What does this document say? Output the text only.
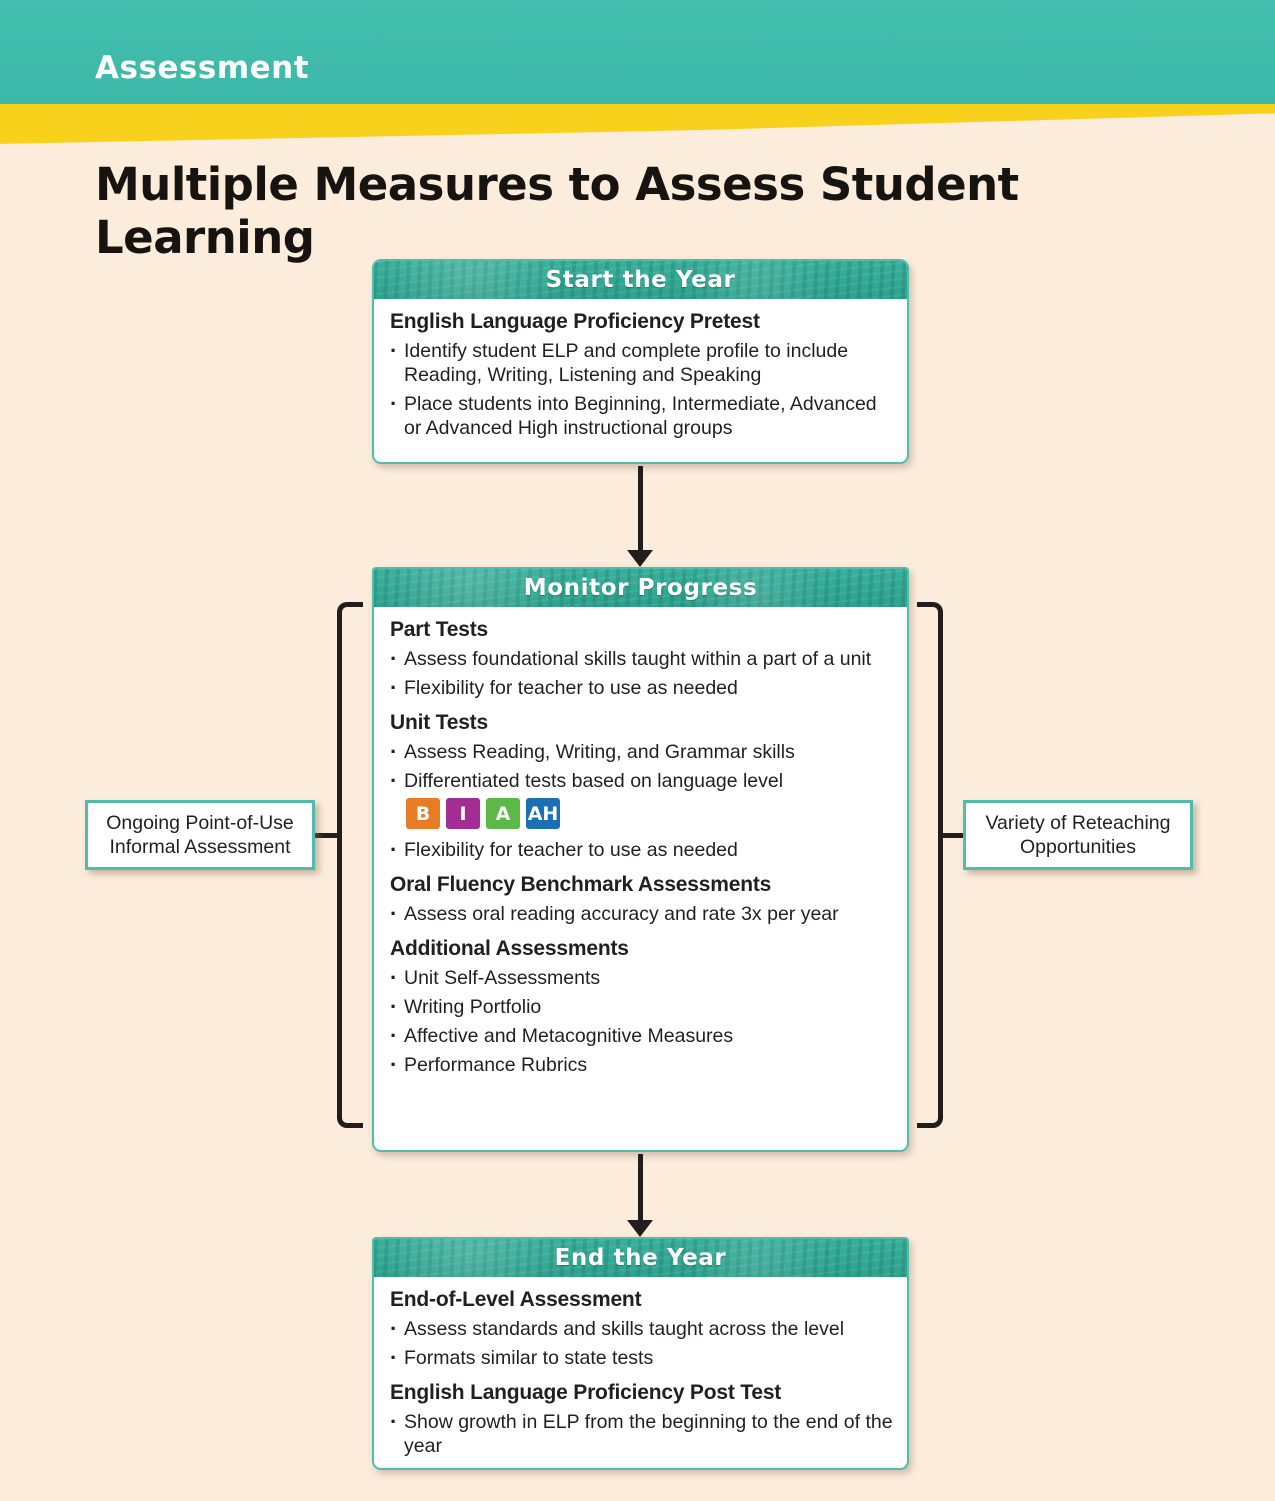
Assessment
Multiple Measures to Assess Student Learning
Start the Year
English Language Proficiency Pretest
· Identify student ELP and complete profile to include Reading, Writing, Listening and Speaking
· Place students into Beginning, Intermediate, Advanced or Advanced High instructional groups
Monitor Progress
Part Tests
· Assess foundational skills taught within a part of a unit
· Flexibility for teacher to use as needed
Unit Tests
· Assess Reading, Writing, and Grammar skills
· Differentiated tests based on language level
B	I	A AH
· Flexibility for teacher to use as needed
Oral Fluency Benchmark Assessments
· Assess oral reading accuracy and rate 3x per year
Additional Assessments
· Unit Self-Assessments
· Writing Portfolio
· Affective and Metacognitive Measures
· Performance Rubrics
Ongoing Point-of-Use Informal Assessment
Variety of Reteaching Opportunities
End the Year
End-of-Level Assessment
· Assess standards and skills taught across the level
· Formats similar to state tests
English Language Proficiency Post Test
· Show growth in ELP from the beginning to the end of the year
